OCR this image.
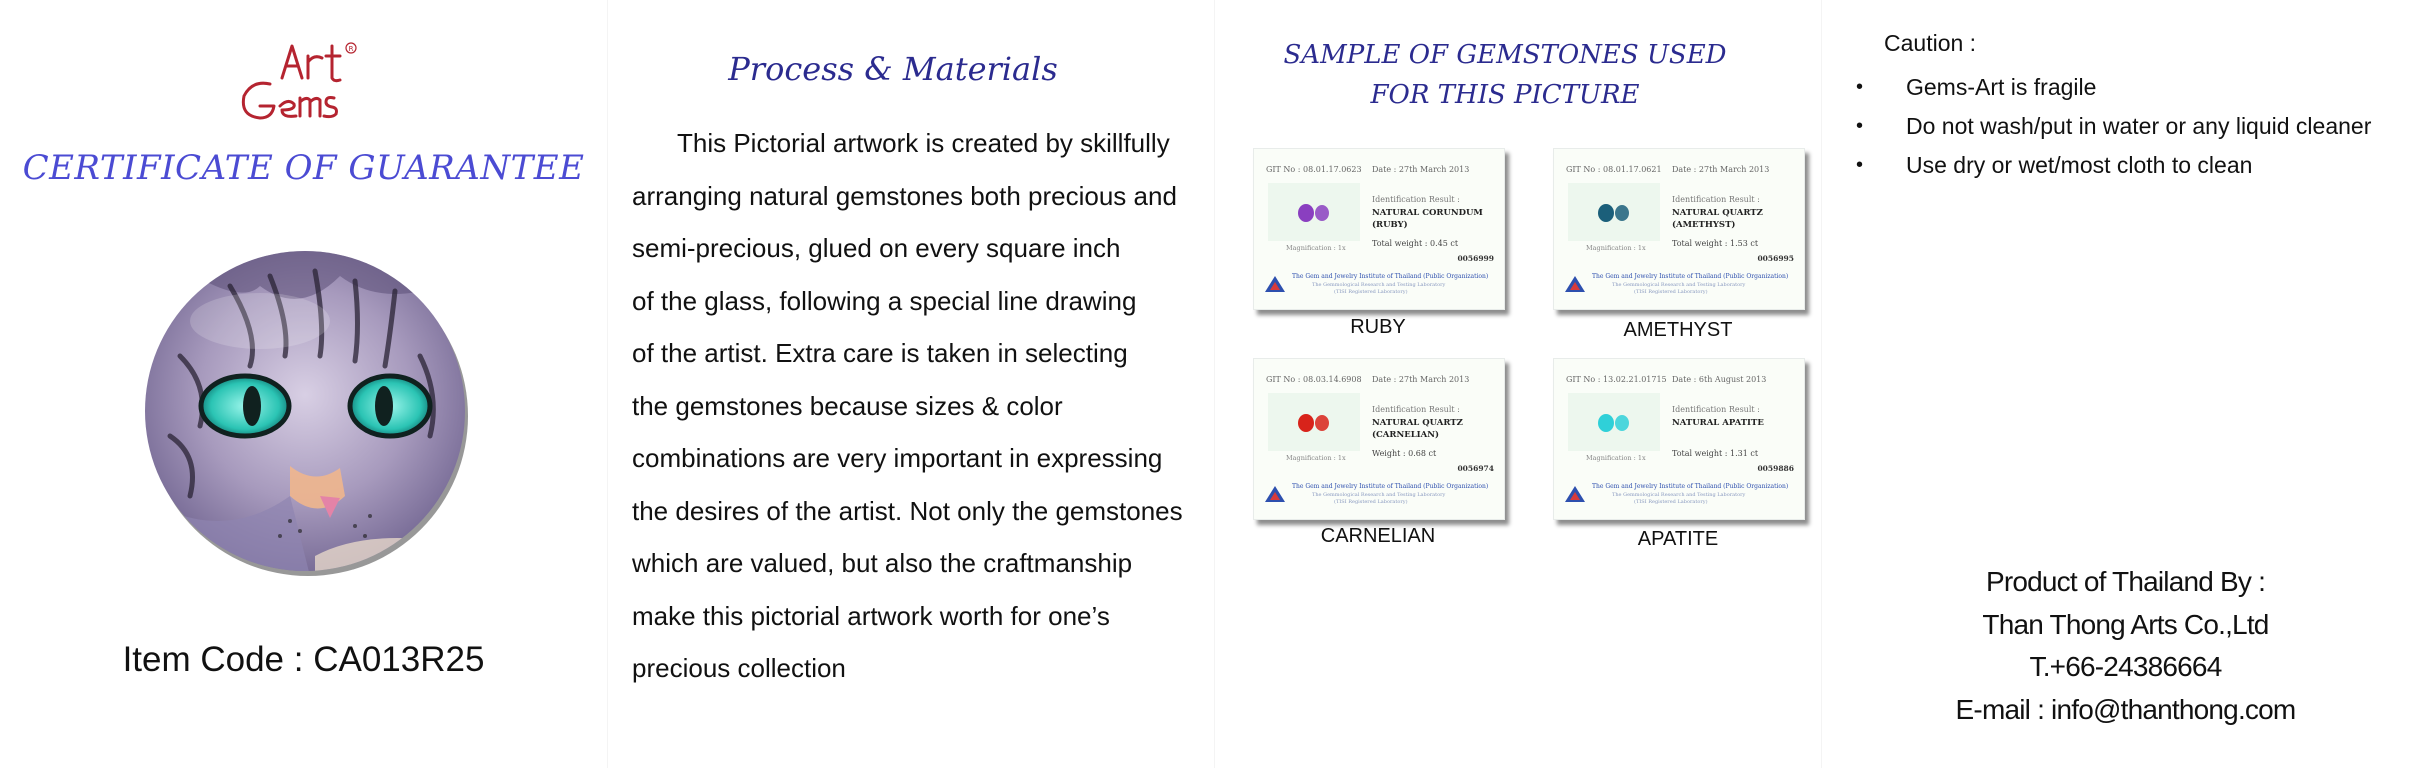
R
CERTIFICATE OF GUARANTEE
Item Code : CA013R25
Process & Materials
This Pictorial artwork is created by skillfully
arranging natural gemstones both precious and
semi-precious, glued on every square inch
of the glass, following a special line drawing
of the artist. Extra care is taken in selecting
the gemstones because sizes & color
combinations are very important in expressing
the desires of the artist. Not only the gemstones
which are valued, but also the craftmanship
make this pictorial artwork worth for one’s
precious collection
SAMPLE OF GEMSTONES USED
FOR THIS PICTURE
GIT No : 08.01.17.0623 Date : 27th March 2013
Magnification : 1x
Identification Result :
NATURAL CORUNDUM
(RUBY)
Total weight : 0.45 ct
0056999
The Gem and Jewelry Institute of Thailand (Public Organization)
The Gemmological Research and Testing Laboratory
(TISI Registered Laboratory)
RUBY
GIT No : 08.01.17.0621 Date : 27th March 2013
Magnification : 1x
Identification Result :
NATURAL QUARTZ
(AMETHYST)
Total weight : 1.53 ct
0056995
The Gem and Jewelry Institute of Thailand (Public Organization)
The Gemmological Research and Testing Laboratory
(TISI Registered Laboratory)
AMETHYST
GIT No : 08.03.14.6908 Date : 27th March 2013
Magnification : 1x
Identification Result :
NATURAL QUARTZ
(CARNELIAN)
Weight : 0.68 ct
0056974
The Gem and Jewelry Institute of Thailand (Public Organization)
The Gemmological Research and Testing Laboratory
(TISI Registered Laboratory)
CARNELIAN
GIT No : 13.02.21.01715 Date : 6th August 2013
Magnification : 1x
Identification Result :
NATURAL APATITE
Total weight : 1.31 ct
0059886
The Gem and Jewelry Institute of Thailand (Public Organization)
The Gemmological Research and Testing Laboratory
(TISI Registered Laboratory)
APATITE
Caution :
• Gems-Art is fragile
• Do not wash/put in water or any liquid cleaner
• Use dry or wet/most cloth to clean
Product of Thailand By :
Than Thong Arts Co.,Ltd
T.+66-24386664
E-mail : info@thanthong.com
